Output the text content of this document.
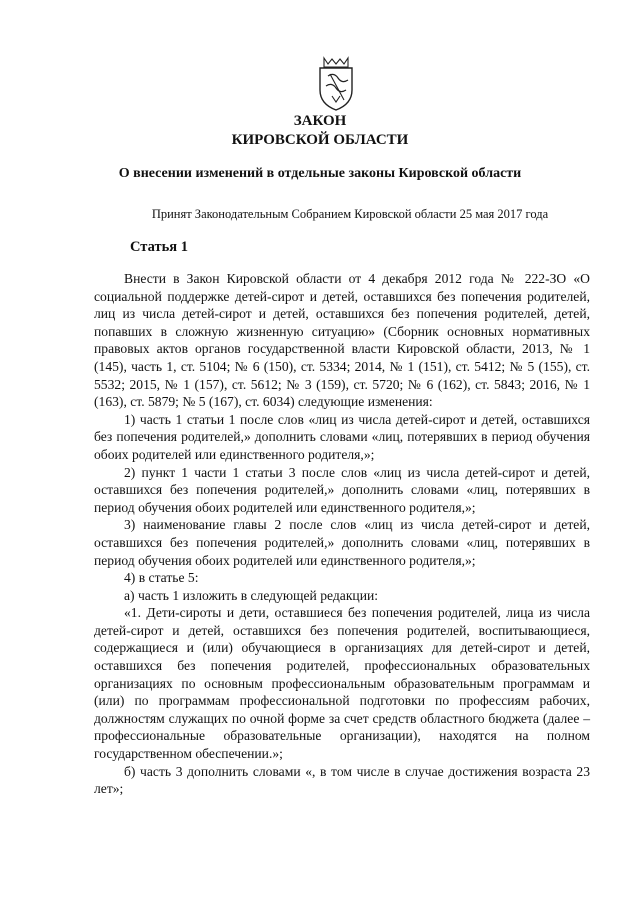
ЗАКОН
КИРОВСКОЙ ОБЛАСТИ
О внесении изменений в отдельные законы Кировской области
Принят Законодательным Собранием Кировской области 25 мая 2017 года
Статья 1

Внести в Закон Кировской области от 4 декабря 2012 года № 222-ЗО «О социальной поддержке детей-сирот и детей, оставшихся без попечения родителей, лиц из числа детей-сирот и детей, оставшихся без попечения родителей, детей, попавших в сложную жизненную ситуацию» (Сборник основных нормативных правовых актов органов государственной власти Кировской области, 2013, № 1 (145), часть 1, ст. 5104; № 6 (150), ст. 5334; 2014, № 1 (151), ст. 5412; № 5 (155), ст. 5532; 2015, № 1 (157), ст. 5612; № 3 (159), ст. 5720; № 6 (162), ст. 5843; 2016, № 1 (163), ст. 5879; № 5 (167), ст. 6034) следующие изменения:

1) часть 1 статьи 1 после слов «лиц из числа детей-сирот и детей, оставшихся без попечения родителей,» дополнить словами «лиц, потерявших в период обучения обоих родителей или единственного родителя,»;

2) пункт 1 части 1 статьи 3 после слов «лиц из числа детей-сирот и детей, оставшихся без попечения родителей,» дополнить словами «лиц, потерявших в период обучения обоих родителей или единственного родителя,»;

3) наименование главы 2 после слов «лиц из числа детей-сирот и детей, оставшихся без попечения родителей,» дополнить словами «лиц, потерявших в период обучения обоих родителей или единственного родителя,»;

4) в статье 5:

а) часть 1 изложить в следующей редакции:

«1. Дети-сироты и дети, оставшиеся без попечения родителей, лица из числа детей-сирот и детей, оставшихся без попечения родителей, воспитывающиеся, содержащиеся и (или) обучающиеся в организациях для детей-сирот и детей, оставшихся без попечения родителей, профессиональных образовательных организациях по основным профессиональным образовательным программам и (или) по программам профессиональной подготовки по профессиям рабочих, должностям служащих по очной форме за счет средств областного бюджета (далее – профессиональные образовательные организации), находятся на полном государственном обеспечении.»;

б) часть 3 дополнить словами «, в том числе в случае достижения возраста 23 лет»;
